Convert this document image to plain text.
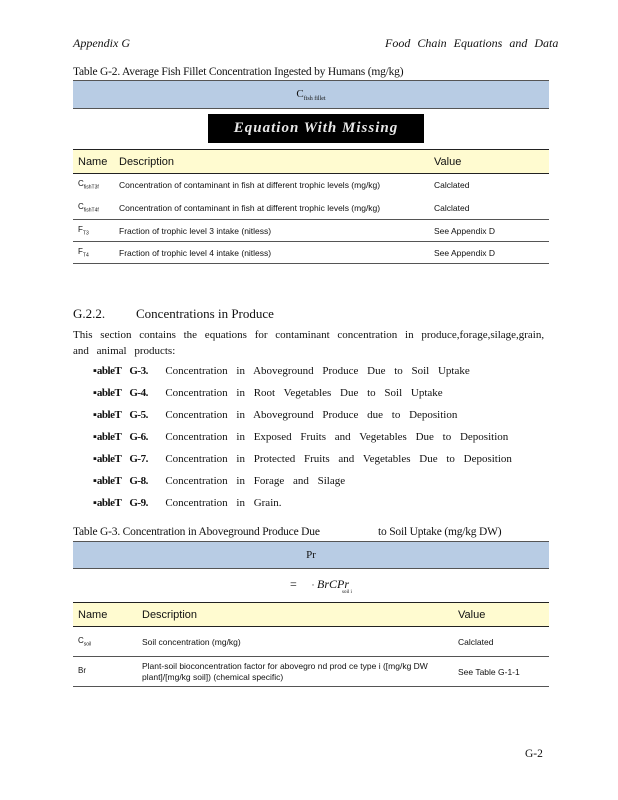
Appendix G	Food Chain Equations and Data
Table G-2. Average Fish Fillet Concentration Ingested by Humans (mg/kg)
$C_{fish fillet}$
Equation With Missing
Name	Description	Value
$C_{fishT3f}$	Concentration of contaminant in fish at different trophic levels (mg/kg)	Calclated
$C_{fishT4f}$	Concentration of contaminant in fish at different trophic levels (mg/kg)	Calclated
$F_{T3}$	Fraction of trophic level 3 intake (nitless)	See Appendix D
$F_{T4}$	Fraction of trophic level 4 intake (nitless)	See Appendix D
G.2.2. Concentrations in Produce
This section contains the equations for contaminant concentration in produce,forage,silage,grain, and animal products:
▪ableT G-3. Concentration in Aboveground Produce Due to Soil Uptake
▪ableT G-4. Concentration in Root Vegetables Due to Soil Uptake
▪ableT G-5. Concentration in Aboveground Produce due to Deposition
▪ableT G-6. Concentration in Exposed Fruits and Vegetables Due to Deposition
▪ableT G-7. Concentration in Protected Fruits and Vegetables Due to Deposition
▪ableT G-8. Concentration in Forage and Silage
▪ableT G-9. Concentration in Grain.
Table G-3. Concentration in Aboveground Produce Due	to Soil Uptake (mg/kg DW)
Pr
= · BrCPr
soil i
Name	Description	Value
$C_{soil}$	Soil concentration (mg/kg)	Calclated
Br	Plant-soil bioconcentration factor for abovegro nd prod ce type i ([mg/kg DW plant]/[mg/kg soil]) (chemical specific)	See Table G-1-1
G-2
